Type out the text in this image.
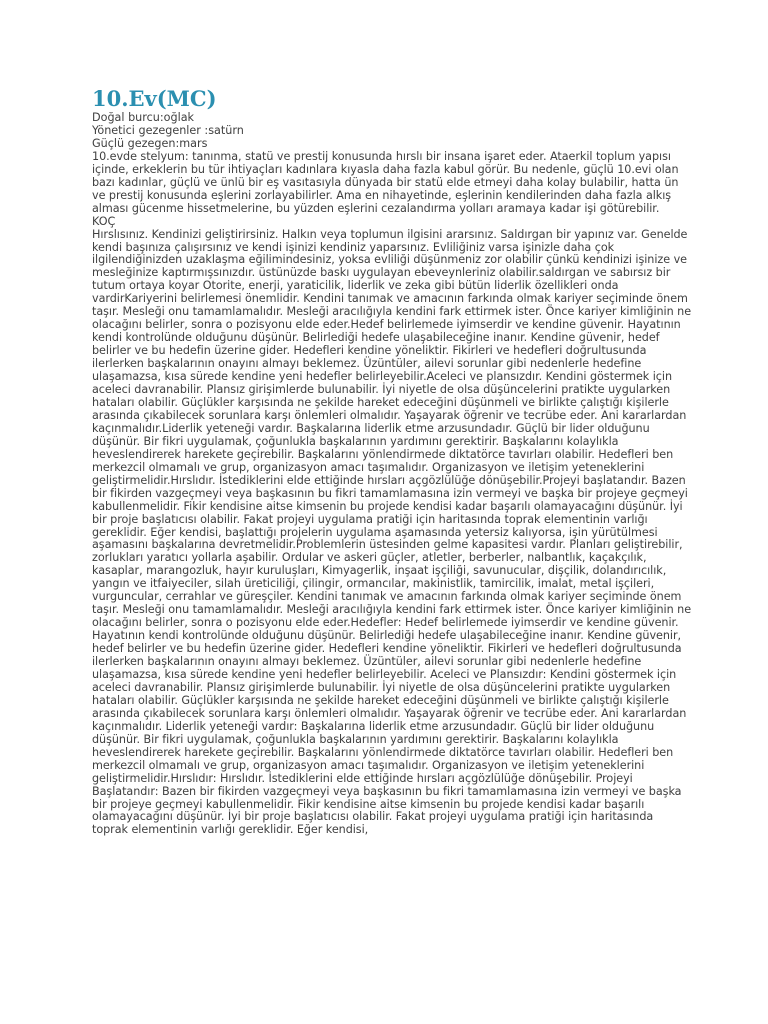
10.Ev(MC)

Doğal burcu:oğlak

Yönetici gezegenler :satürn

Güçlü gezegen:mars

10.evde stelyum: tanınma, statü ve prestij konusunda hırslı bir insana işaret eder. Ataerkil toplum yapısı içinde, erkeklerin bu tür ihtiyaçları kadınlara kıyasla daha fazla kabul görür. Bu nedenle, güçlü 10.evi olan bazı kadınlar, güçlü ve ünlü bir eş vasıtasıyla dünyada bir statü elde etmeyi daha kolay bulabilir, hatta ün ve prestij konusunda eşlerini zorlayabilirler. Ama en nihayetinde, eşlerinin kendilerinden daha fazla alkış alması gücenme hissetmelerine, bu yüzden eşlerini cezalandırma yolları aramaya kadar işi götürebilir.

KOÇ

Hırslısınız. Kendinizi geliştirirsiniz. Halkın veya toplumun ilgisini ararsınız. Saldırgan bir yapınız var. Genelde kendi başınıza çalışırsınız ve kendi işinizi kendiniz yaparsınız. Evliliğiniz varsa işinizle daha çok ilgilendiğinizden uzaklaşma eğilimindesiniz, yoksa evliliği düşünmeniz zor olabilir çünkü kendinizi işinize ve mesleğinize kaptırmışsınızdır. üstünüzde baskı uygulayan ebeveynleriniz olabilir.saldırgan ve sabırsız bir tutum ortaya koyar Otorite, enerji, yaraticilik, liderlik ve zeka gibi bütün liderlik özellikleri onda vardirKariyerini belirlemesi önemlidir. Kendini tanımak ve amacının farkında olmak kariyer seçiminde önem taşır. Mesleği onu tamamlamalıdır. Mesleği aracılığıyla kendini fark ettirmek ister. Önce kariyer kimliğinin ne olacağını belirler, sonra o pozisyonu elde eder.Hedef belirlemede iyimserdir ve kendine güvenir. Hayatının kendi kontrolünde olduğunu düşünür. Belirlediği hedefe ulaşabileceğine inanır. Kendine güvenir, hedef belirler ve bu hedefin üzerine gider. Hedefleri kendine yöneliktir. Fikirleri ve hedefleri doğrultusunda ilerlerken başkalarının onayını almayı beklemez. Üzüntüler, ailevi sorunlar gibi nedenlerle hedefine ulaşamazsa, kısa sürede kendine yeni hedefler belirleyebilir.Aceleci ve plansızdır. Kendini göstermek için aceleci davranabilir. Plansız girişimlerde bulunabilir. İyi niyetle de olsa düşüncelerini pratikte uygularken hataları olabilir. Güçlükler karşısında ne şekilde hareket edeceğini düşünmeli ve birlikte çalıştığı kişilerle arasında çıkabilecek sorunlara karşı önlemleri olmalıdır. Yaşayarak öğrenir ve tecrübe eder. Ani kararlardan kaçınmalıdır.Liderlik yeteneği vardır. Başkalarına liderlik etme arzusundadır. Güçlü bir lider olduğunu düşünür. Bir fikri uygulamak, çoğunlukla başkalarının yardımını gerektirir. Başkalarını kolaylıkla heveslendirerek harekete geçirebilir. Başkalarını yönlendirmede diktatörce tavırları olabilir. Hedefleri ben merkezcil olmamalı ve grup, organizasyon amacı taşımalıdır. Organizasyon ve iletişim yeteneklerini geliştirmelidir.Hırslıdır. İstediklerini elde ettiğinde hırsları açgözlülüğe dönüşebilir.Projeyi başlatandır. Bazen bir fikirden vazgeçmeyi veya başkasının bu fikri tamamlamasına izin vermeyi ve başka bir projeye geçmeyi kabullenmelidir. Fikir kendisine aitse kimsenin bu projede kendisi kadar başarılı olamayacağını düşünür. İyi bir proje başlatıcısı olabilir. Fakat projeyi uygulama pratiği için haritasında toprak elementinin varlığı gereklidir. Eğer kendisi, başlattığı projelerin uygulama aşamasında yetersiz kalıyorsa, işin yürütülmesi aşamasını başkalarına devretmelidir.Problemlerin üstesinden gelme kapasitesi vardır. Planları geliştirebilir, zorlukları yaratıcı yollarla aşabilir. Ordular ve askeri güçler, atletler, berberler, nalbantlık, kaçakçılık, kasaplar, marangozluk, hayır kuruluşları, Kimyagerlik, inşaat işçiliği, savunucular, dişçilik, dolandırıcılık, yangın ve itfaiyeciler, silah üreticiliği, çilingir, ormancılar, makinistlik, tamircilik, imalat, metal işçileri, vurguncular, cerrahlar ve güreşçiler. Kendini tanımak ve amacının farkında olmak kariyer seçiminde önem taşır. Mesleği onu tamamlamalıdır. Mesleği aracılığıyla kendini fark ettirmek ister. Önce kariyer kimliğinin ne olacağını belirler, sonra o pozisyonu elde eder.Hedefler: Hedef belirlemede iyimserdir ve kendine güvenir. Hayatının kendi kontrolünde olduğunu düşünür. Belirlediği hedefe ulaşabileceğine inanır. Kendine güvenir, hedef belirler ve bu hedefin üzerine gider. Hedefleri kendine yöneliktir. Fikirleri ve hedefleri doğrultusunda ilerlerken başkalarının onayını almayı beklemez. Üzüntüler, ailevi sorunlar gibi nedenlerle hedefine ulaşamazsa, kısa sürede kendine yeni hedefler belirleyebilir. Aceleci ve Plansızdır: Kendini göstermek için aceleci davranabilir. Plansız girişimlerde bulunabilir. İyi niyetle de olsa düşüncelerini pratikte uygularken hataları olabilir. Güçlükler karşısında ne şekilde hareket edeceğini düşünmeli ve birlikte çalıştığı kişilerle arasında çıkabilecek sorunlara karşı önlemleri olmalıdır. Yaşayarak öğrenir ve tecrübe eder. Ani kararlardan kaçınmalıdır. Liderlik yeteneği vardır: Başkalarına liderlik etme arzusundadır. Güçlü bir lider olduğunu düşünür. Bir fikri uygulamak, çoğunlukla başkalarının yardımını gerektirir. Başkalarını kolaylıkla heveslendirerek harekete geçirebilir. Başkalarını yönlendirmede diktatörce tavırları olabilir. Hedefleri ben merkezcil olmamalı ve grup, organizasyon amacı taşımalıdır. Organizasyon ve iletişim yeteneklerini geliştirmelidir.Hırslıdır: Hırslıdır. İstediklerini elde ettiğinde hırsları açgözlülüğe dönüşebilir. Projeyi Başlatandır: Bazen bir fikirden vazgeçmeyi veya başkasının bu fikri tamamlamasına izin vermeyi ve başka bir projeye geçmeyi kabullenmelidir. Fikir kendisine aitse kimsenin bu projede kendisi kadar başarılı olamayacağını düşünür. İyi bir proje başlatıcısı olabilir. Fakat projeyi uygulama pratiği için haritasında toprak elementinin varlığı gereklidir. Eğer kendisi,
